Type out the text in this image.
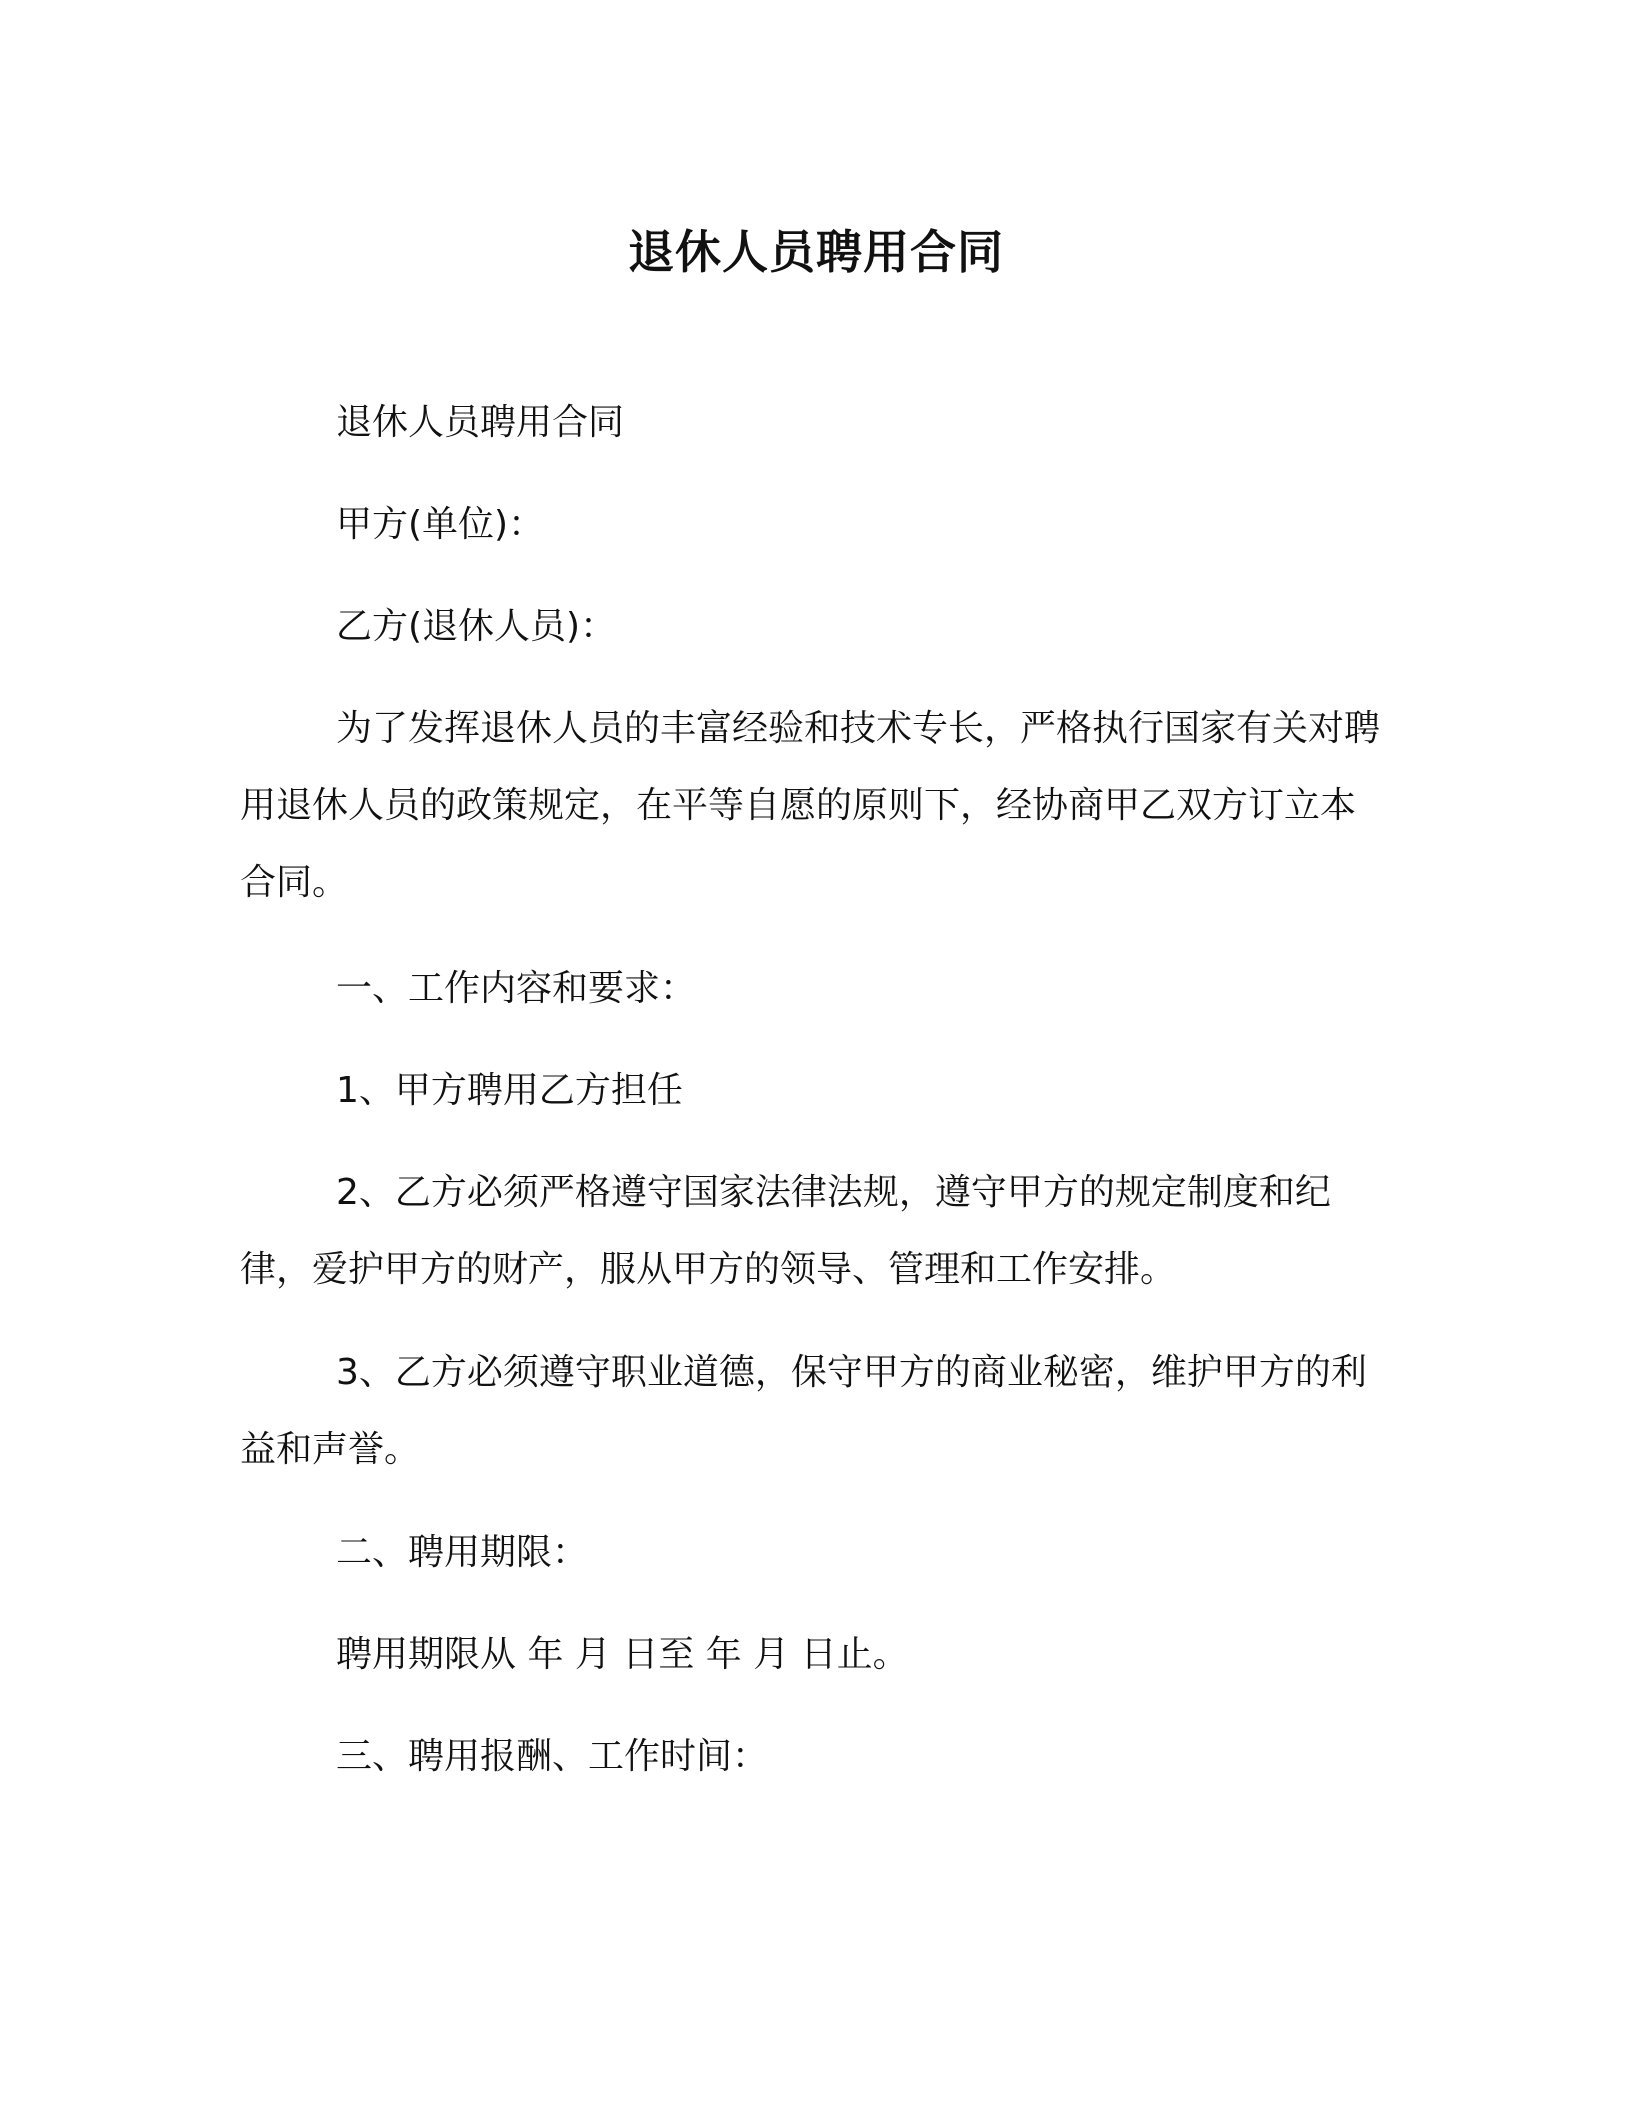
退休人员聘用合同

退休人员聘用合同

甲方(单位)：

乙方(退休人员)：

为了发挥退休人员的丰富经验和技术专长，严格执行国家有关对聘用退休人员的政策规定，在平等自愿的原则下，经协商甲乙双方订立本合同。

一、工作内容和要求：

1、甲方聘用乙方担任

2、乙方必须严格遵守国家法律法规，遵守甲方的规定制度和纪律，爱护甲方的财产，服从甲方的领导、管理和工作安排。

3、乙方必须遵守职业道德，保守甲方的商业秘密，维护甲方的利益和声誉。

二、聘用期限：

聘用期限从 年 月 日至 年 月 日止。

三、聘用报酬、工作时间：
